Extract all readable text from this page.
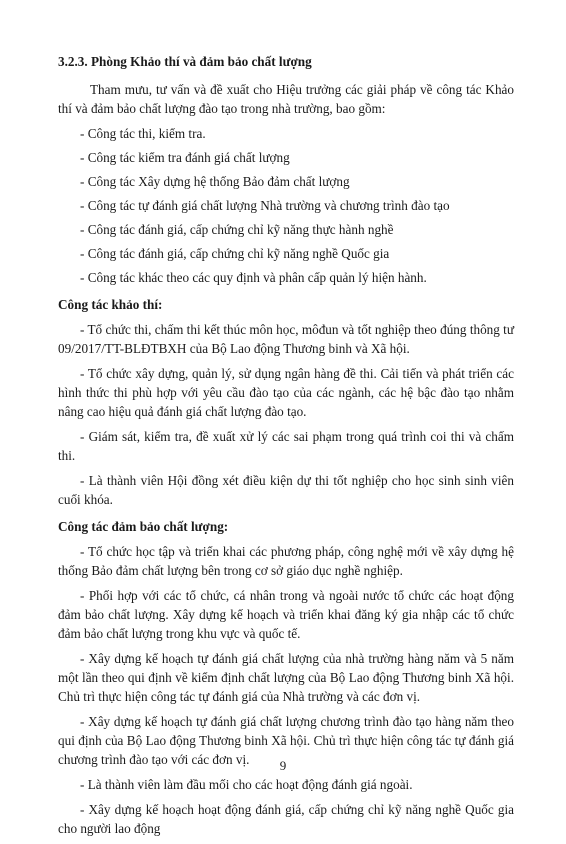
3.2.3. Phòng Khảo thí và đảm bảo chất lượng

Tham mưu, tư vấn và đề xuất cho Hiệu trưởng các giải pháp về công tác Khảo thí và đảm bảo chất lượng đào tạo trong nhà trường, bao gồm:

- Công tác thi, kiểm tra.

- Công tác kiểm tra đánh giá chất lượng

- Công tác Xây dựng hệ thống Bảo đảm chất lượng

- Công tác tự đánh giá chất lượng Nhà trường và chương trình đào tạo

- Công tác đánh giá, cấp chứng chỉ kỹ năng thực hành nghề

- Công tác đánh giá, cấp chứng chỉ kỹ năng nghề Quốc gia

- Công tác khác theo các quy định và phân cấp quản lý hiện hành.

Công tác khảo thí:

- Tổ chức thi, chấm thi kết thúc môn học, môđun và tốt nghiệp theo đúng thông tư 09/2017/TT-BLĐTBXH của Bộ Lao động Thương binh và Xã hội.

- Tổ chức xây dựng, quản lý, sử dụng ngân hàng đề thi. Cải tiến và phát triển các hình thức thi phù hợp với yêu cầu đào tạo của các ngành, các hệ bậc đào tạo nhằm nâng cao hiệu quả đánh giá chất lượng đào tạo.

- Giám sát, kiểm tra, đề xuất xử lý các sai phạm trong quá trình coi thi và chấm thi.

- Là thành viên Hội đồng xét điều kiện dự thi tốt nghiệp cho học sinh sinh viên cuối khóa.

Công tác đảm bảo chất lượng:

- Tổ chức học tập và triển khai các phương pháp, công nghệ mới về xây dựng hệ thống Bảo đảm chất lượng bên trong cơ sở giáo dục nghề nghiệp.

- Phối hợp với các tổ chức, cá nhân trong và ngoài nước tổ chức các hoạt động đảm bảo chất lượng. Xây dựng kế hoạch và triển khai đăng ký gia nhập các tổ chức đảm bảo chất lượng trong khu vực và quốc tế.

- Xây dựng kế hoạch tự đánh giá chất lượng của nhà trường hàng năm và 5 năm một lần theo qui định về kiểm định chất lượng của Bộ Lao động Thương binh Xã hội. Chủ trì thực hiện công tác tự đánh giá của Nhà trường và các đơn vị.

- Xây dựng kế hoạch tự đánh giá chất lượng chương trình đào tạo hàng năm theo qui định của Bộ Lao động Thương binh Xã hội. Chủ trì thực hiện công tác tự đánh giá chương trình đào tạo với các đơn vị.

- Là thành viên làm đầu mối cho các hoạt động đánh giá ngoài.

- Xây dựng kế hoạch hoạt động đánh giá, cấp chứng chỉ kỹ năng nghề Quốc gia cho người lao động

9
